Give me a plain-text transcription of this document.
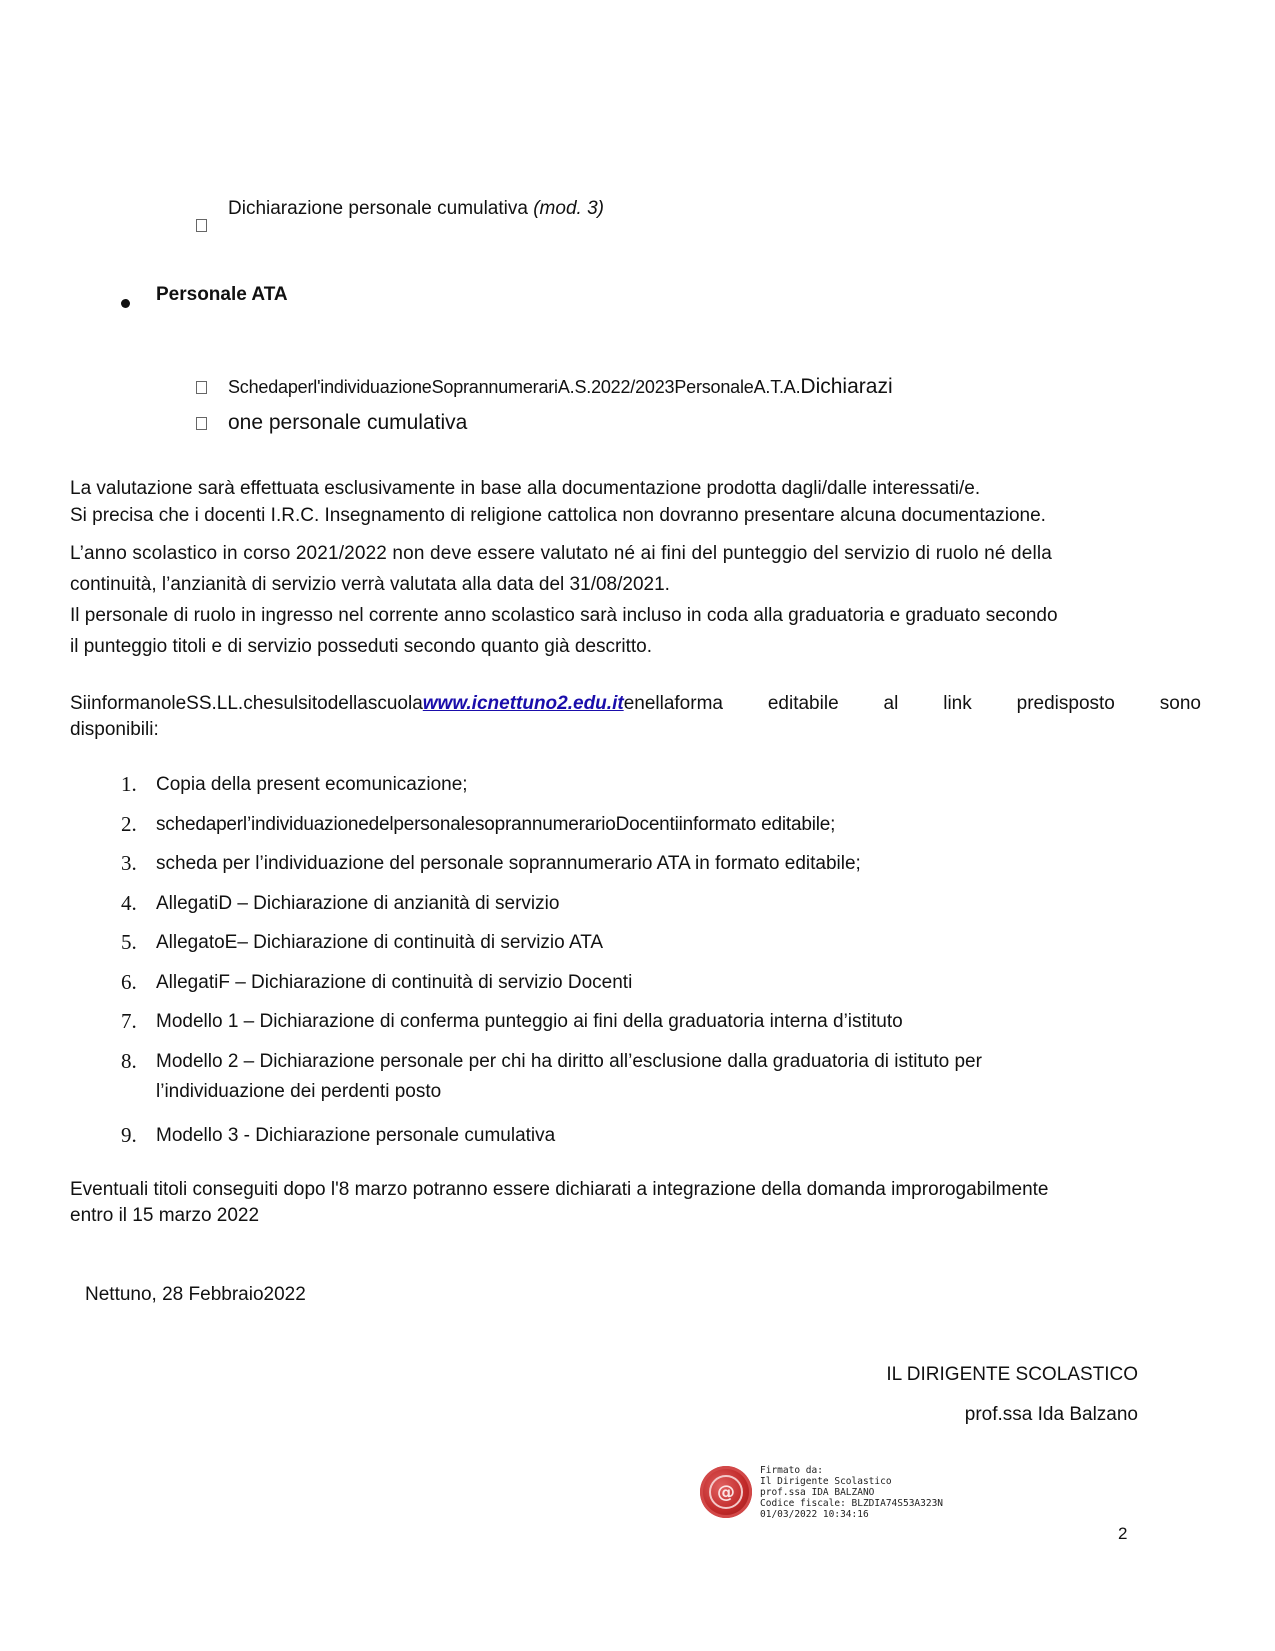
Dichiarazione personale cumulativa (mod. 3)
Personale ATA
Schedaperl'individuazioneSoprannumerariA.S.2022/2023PersonaleA.T.A.Dichiarazi
one personale cumulativa
La valutazione sarà effettuata esclusivamente in base alla documentazione prodotta dagli/dalle interessati/e.
Si precisa che i docenti I.R.C. Insegnamento di religione cattolica non dovranno presentare alcuna documentazione.
L’anno scolastico in corso 2021/2022 non deve essere valutato né ai fini del punteggio del servizio di ruolo né della
continuità, l’anzianità di servizio verrà valutata alla data del 31/08/2021.
Il personale di ruolo in ingresso nel corrente anno scolastico sarà incluso in coda alla graduatoria e graduato secondo
il punteggio titoli e di servizio posseduti secondo quanto già descritto.
SiinformanoleSS.LL.chesulsitodellascuolawww.icnettuno2.edu.itenellaforma editabile al link predisposto sono
disponibili:
1. Copia della present ecomunicazione;
2. schedaperl’individuazionedelpersonalesoprannumerarioDocentiinformato editabile;
3. scheda per l’individuazione del personale soprannumerario ATA in formato editabile;
4. AllegatiD – Dichiarazione di anzianità di servizio
5. AllegatoE– Dichiarazione di continuità di servizio ATA
6. AllegatiF – Dichiarazione di continuità di servizio Docenti
7. Modello 1 – Dichiarazione di conferma punteggio ai fini della graduatoria interna d’istituto
8. Modello 2 – Dichiarazione personale per chi ha diritto all’esclusione dalla graduatoria di istituto per
l’individuazione dei perdenti posto
9. Modello 3 - Dichiarazione personale cumulativa
Eventuali titoli conseguiti dopo l'8 marzo potranno essere dichiarati a integrazione della domanda improrogabilmente
entro il 15 marzo 2022
Nettuno, 28 Febbraio2022
IL DIRIGENTE SCOLASTICO
prof.ssa Ida Balzano
@
Firmato da:
Il Dirigente Scolastico
prof.ssa IDA BALZANO
Codice fiscale: BLZDIA74S53A323N
01/03/2022 10:34:16
2
